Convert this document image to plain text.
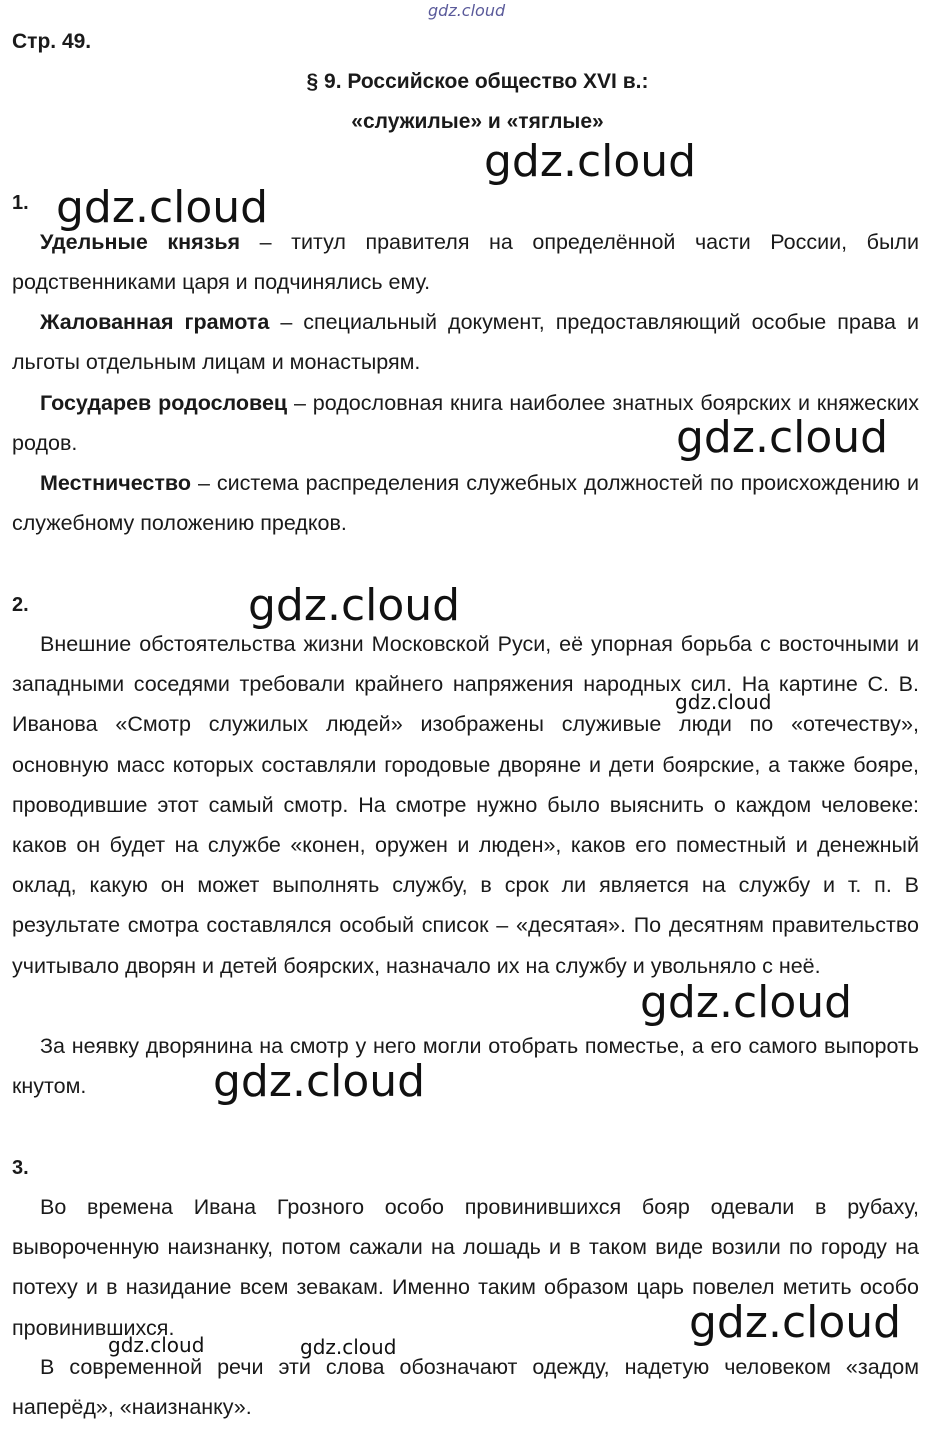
gdz.cloud
Стр. 49.
§ 9. Российское общество XVI в.:
«служилые» и «тяглые»
1.

Удельные князья – титул правителя на определённой части России, были родственниками царя и подчинялись ему.

Жалованная грамота – специальный документ, предоставляющий особые права и льготы отдельным лицам и монастырям.

Государев родословец – родословная книга наиболее знатных боярских и княжеских родов.

Местничество – система распределения служебных должностей по происхождению и служебному положению предков.

2.

Внешние обстоятельства жизни Московской Руси, её упорная борьба с восточными и западными соседями требовали крайнего напряжения народных сил. На картине С. В. Иванова «Смотр служилых людей» изображены служивые люди по «отечеству», основную масс которых составляли городовые дворяне и дети боярские, а также бояре, проводившие этот самый смотр. На смотре нужно было выяснить о каждом человеке: каков он будет на службе «конен, оружен и люден», каков его поместный и денежный оклад, какую он может выполнять службу, в срок ли является на службу и т. п. В результате смотра составлялся особый список – «десятая». По десятням правительство учитывало дворян и детей боярских, назначало их на службу и увольняло с неё.

За неявку дворянина на смотр у него могли отобрать поместье, а его самого выпороть кнутом.

3.

Во времена Ивана Грозного особо провинившихся бояр одевали в рубаху, вывороченную наизнанку, потом сажали на лошадь и в таком виде возили по городу на потеху и в назидание всем зевакам. Именно таким образом царь повелел метить особо провинившихся.

В современной речи эти слова обозначают одежду, надетую человеком «задом наперёд», «наизнанку».

gdz.cloud
gdz.cloud
gdz.cloud
gdz.cloud
gdz.cloud
gdz.cloud
gdz.cloud
gdz.cloud
gdz.cloud	gdz.cloud
